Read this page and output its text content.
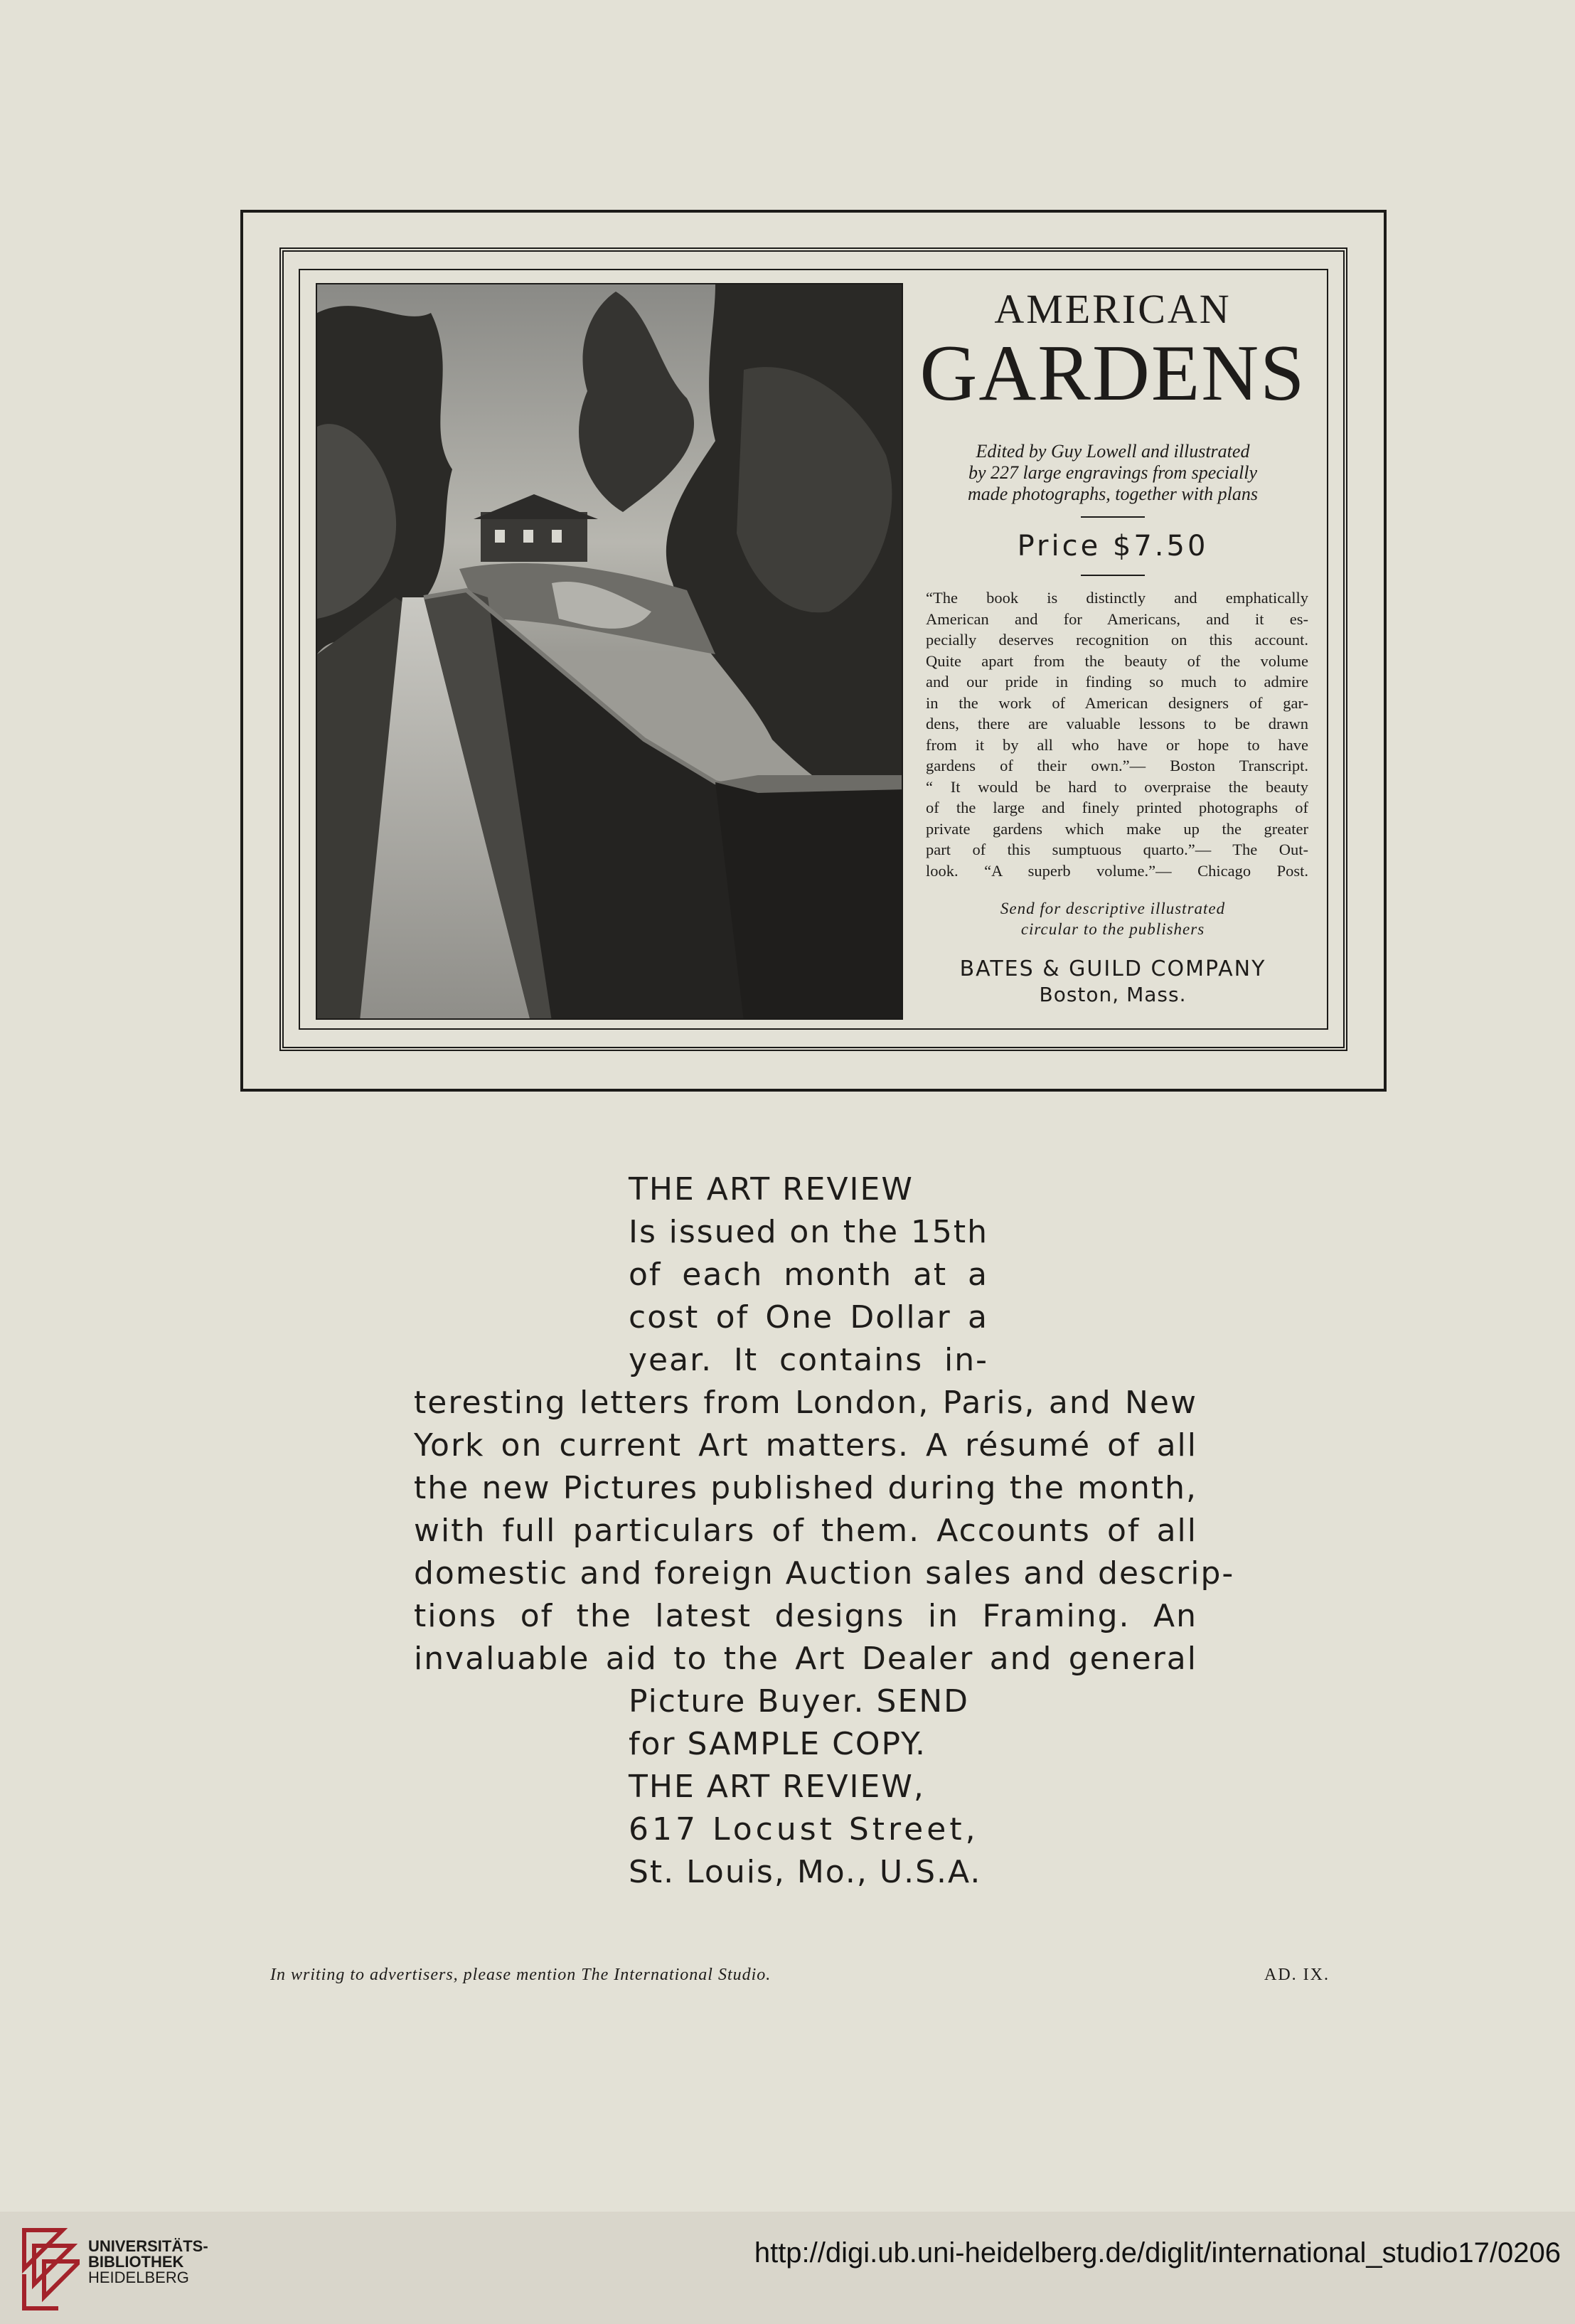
AMERICAN
GARDENS
Edited by Guy Lowell and illustrated
by 227 large engravings from specially
made photographs, together with plans
Price $7.50
“The book is distinctly and emphatically
American and for Americans, and it es-
pecially deserves recognition on this account.
Quite apart from the beauty of the volume
and our pride in finding so much to admire
in the work of American designers of gar-
dens, there are valuable lessons to be drawn
from it by all who have or hope to have
gardens of their own.”— Boston Transcript.
“ It would be hard to overpraise the beauty
of the large and finely printed photographs of
private gardens which make up the greater
part of this sumptuous quarto.”— The Out-
look. “A superb volume.”— Chicago Post.
Send for descriptive illustrated
circular to the publishers
BATES & GUILD COMPANY
Boston, Mass.
THE ART REVIEW
Is issued on the 15th
of each month at a
cost of One Dollar a
year. It contains in-
teresting letters from London, Paris, and New
York on current Art matters. A résumé of all
the new Pictures published during the month,
with full particulars of them. Accounts of all
domestic and foreign Auction sales and descrip-
tions of the latest designs in Framing. An
invaluable aid to the Art Dealer and general
Picture Buyer. SEND
for SAMPLE COPY.
THE ART REVIEW,
617 Locust Street,
St. Louis, Mo., U.S.A.
In writing to advertisers, please mention The International Studio.	AD. IX.
UNIVERSITÄTS-
BIBLIOTHEK
HEIDELBERG
http://digi.ub.uni-heidelberg.de/diglit/international_studio17/0206
